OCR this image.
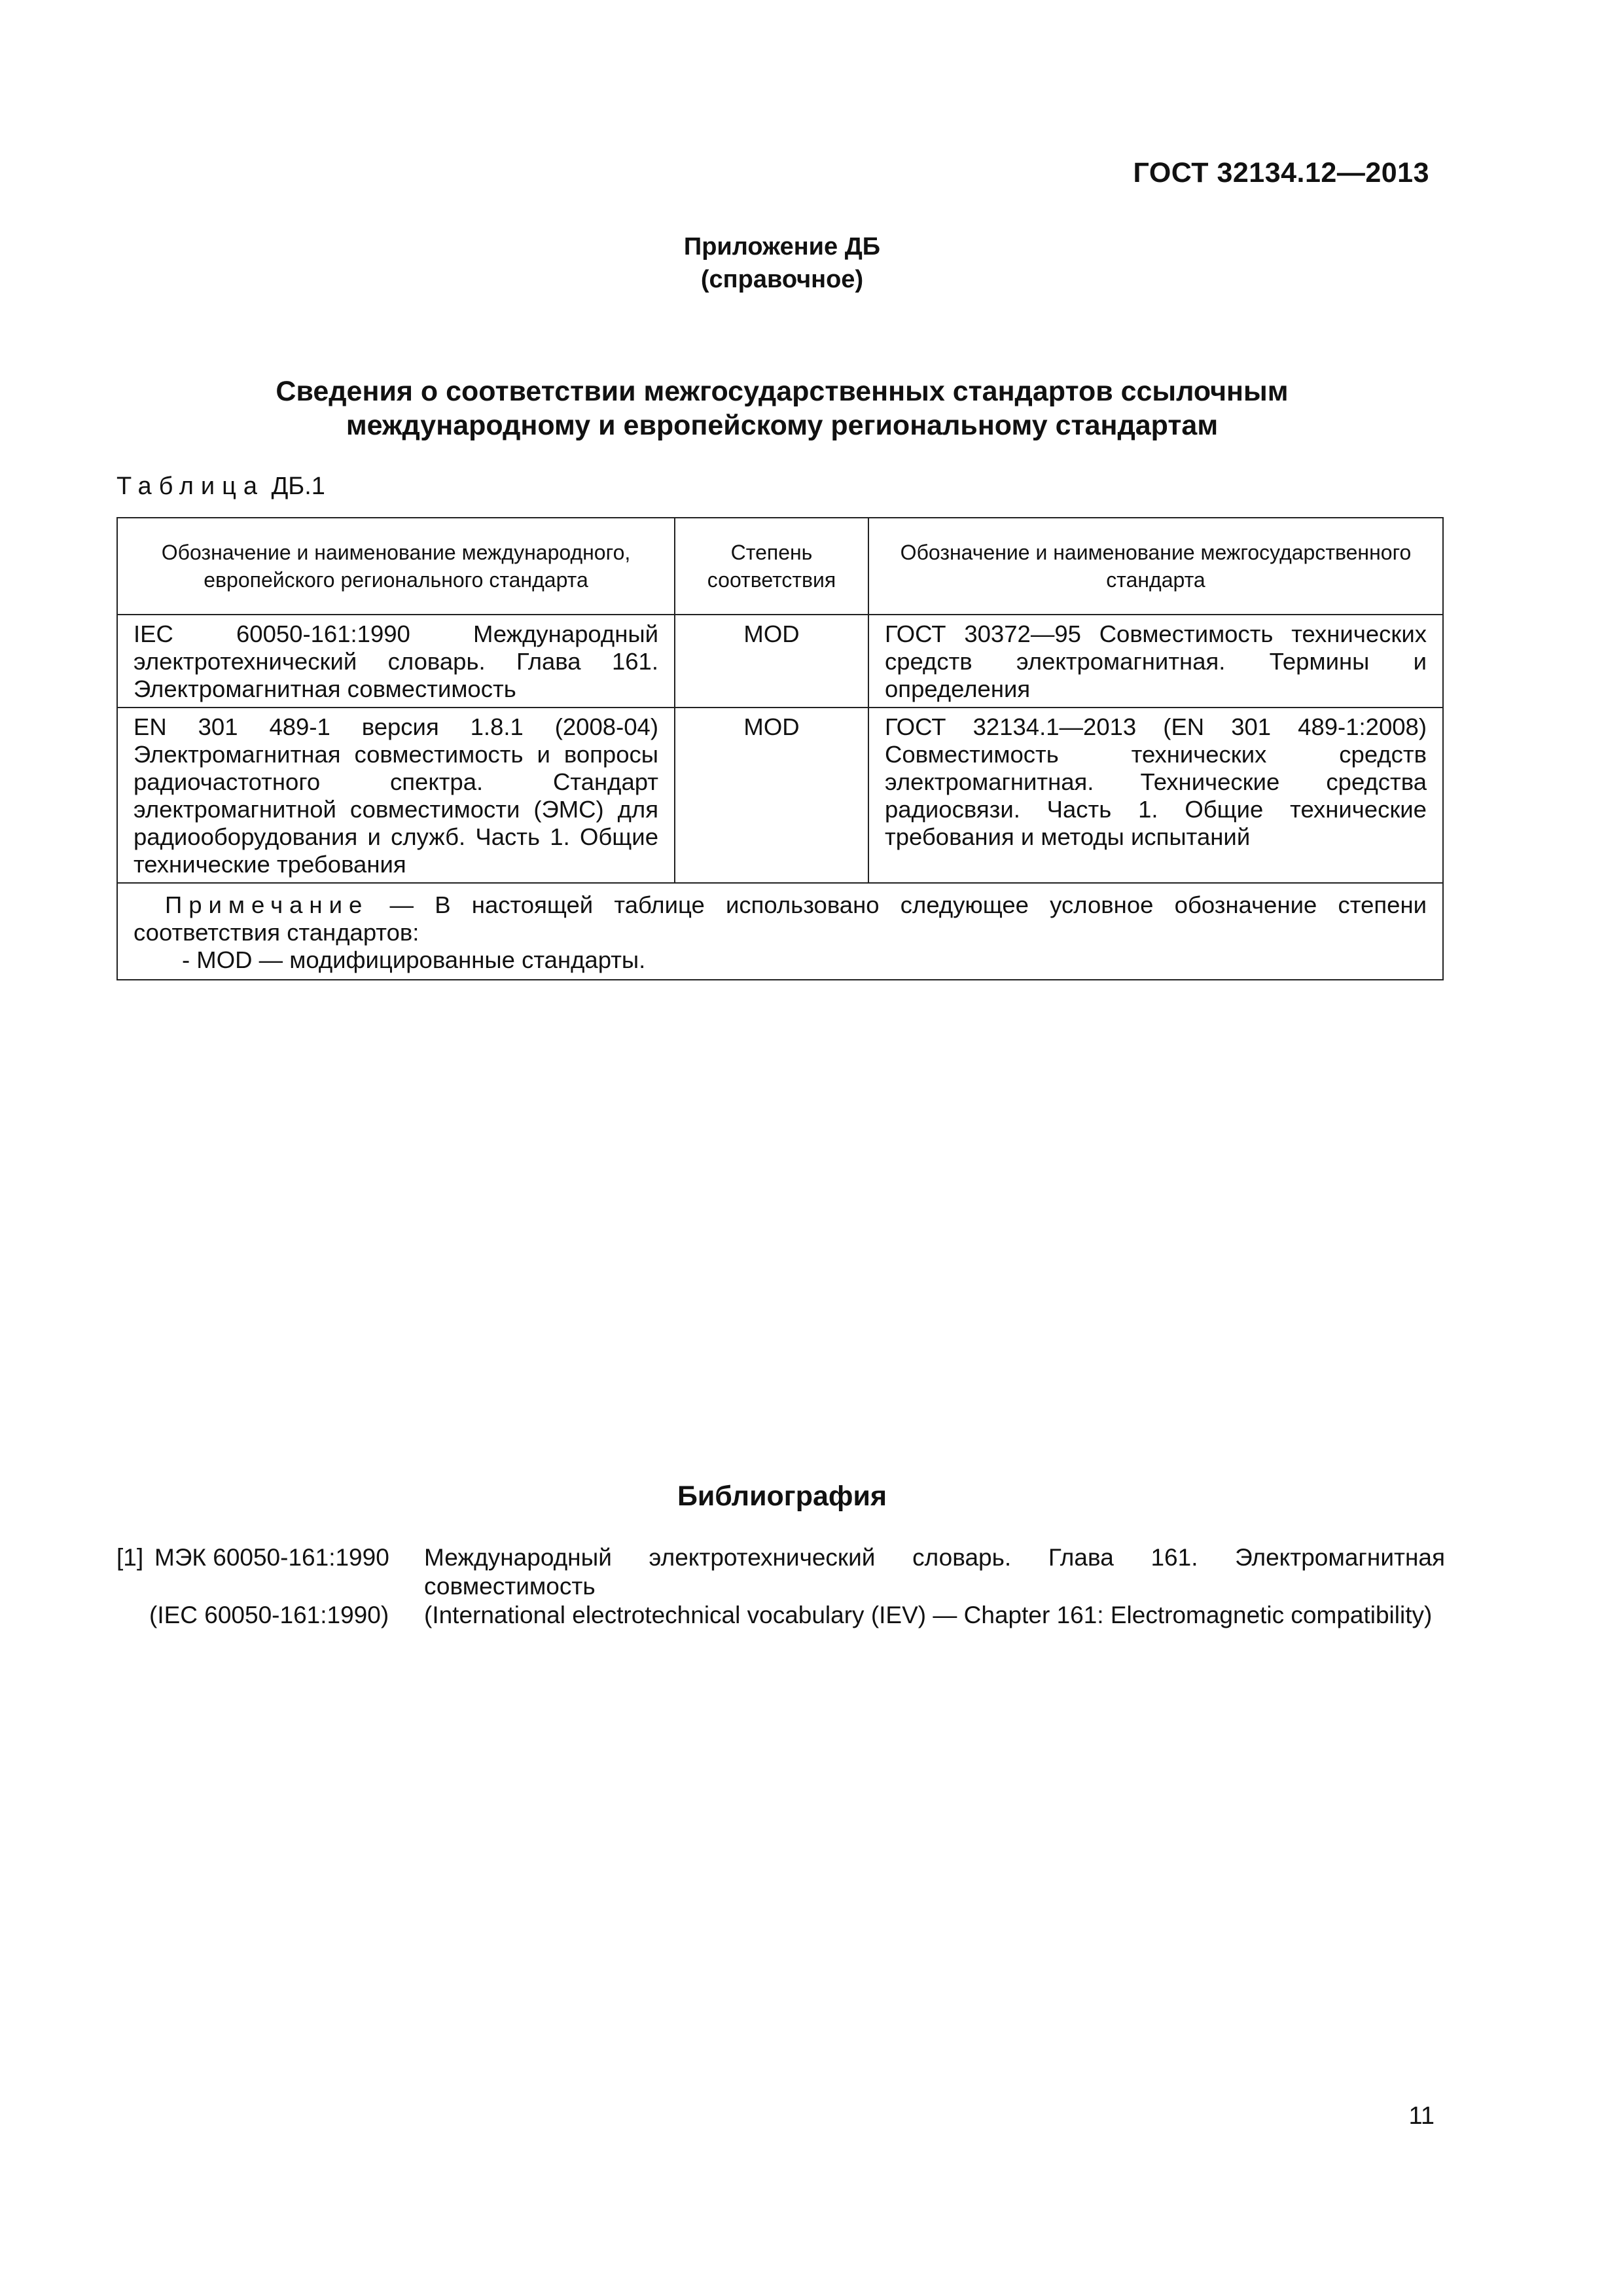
ГОСТ 32134.12—2013
Приложение ДБ
(справочное)
Сведения о соответствии межгосударственных стандартов ссылочным
международному и европейскому региональному стандартам
Таблица ДБ.1
Обозначение и наименование международного, европейского регионального стандарта	Степень соответствия	Обозначение и наименование межгосударственного стандарта
IEC 60050-161:1990 Международный электротехнический словарь. Глава 161. Электромагнитная совместимость	MOD	ГОСТ 30372—95 Совместимость технических средств электромагнитная. Термины и определения
EN 301 489-1 версия 1.8.1 (2008-04) Электромагнитная совместимость и вопросы радиочастотного спектра. Стандарт электромагнитной совместимости (ЭМС) для радиооборудования и служб. Часть 1. Общие технические требования	MOD	ГОСТ 32134.1—2013 (EN 301 489-1:2008) Совместимость технических средств электромагнитная. Технические средства радиосвязи. Часть 1. Общие технические требования и методы испытаний

Примечание — В настоящей таблице использовано следующее условное обозначение степени соответствия стандартов:
- MOD — модифицированные стандарты.		
Библиография
[1] МЭК 60050-161:1990	Международный электротехнический словарь. Глава 161. Электромагнитная совместимость
(IEC 60050-161:1990)	(International electrotechnical vocabulary (IEV) — Chapter 161: Electromagnetic compatibility)
11
